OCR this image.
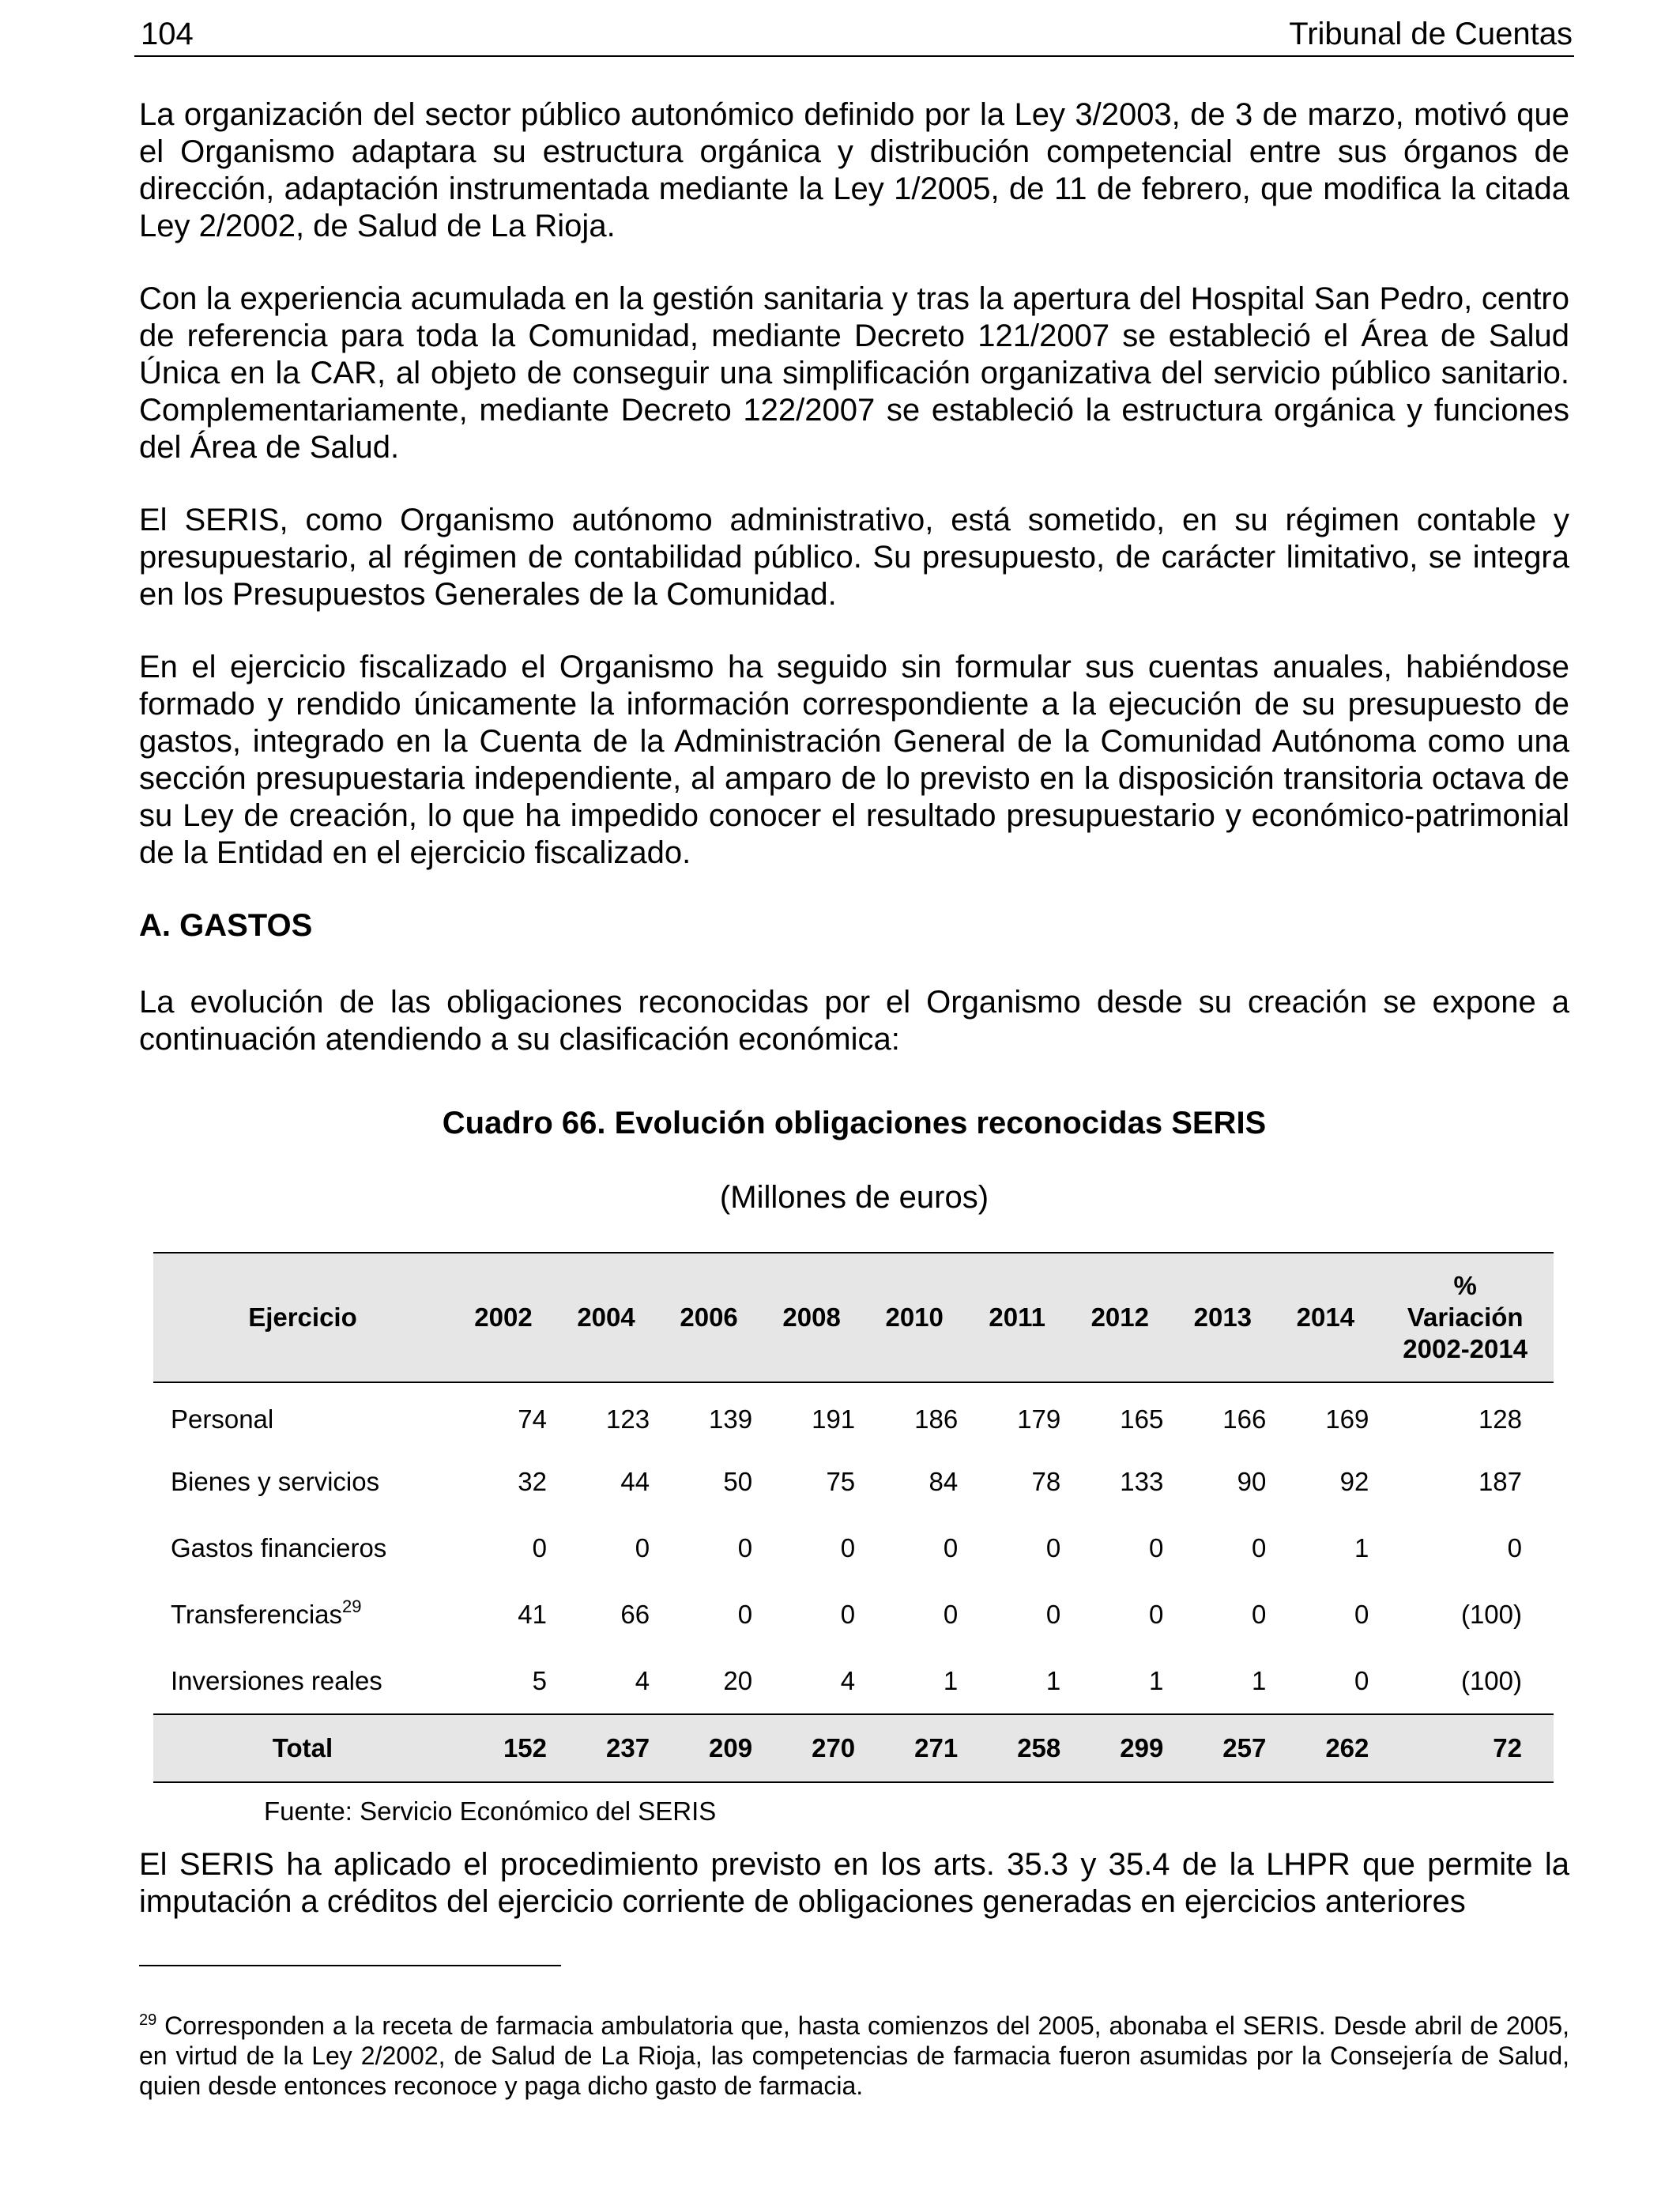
104	Tribunal de Cuentas

La organización del sector público autonómico definido por la Ley 3/2003, de 3 de marzo, motivó que el Organismo adaptara su estructura orgánica y distribución competencial entre sus órganos de dirección, adaptación instrumentada mediante la Ley 1/2005, de 11 de febrero, que modifica la citada Ley 2/2002, de Salud de La Rioja.

Con la experiencia acumulada en la gestión sanitaria y tras la apertura del Hospital San Pedro, centro de referencia para toda la Comunidad, mediante Decreto 121/2007 se estableció el Área de Salud Única en la CAR, al objeto de conseguir una simplificación organizativa del servicio público sanitario. Complementariamente, mediante Decreto 122/2007 se estableció la estructura orgánica y funciones del Área de Salud.

El SERIS, como Organismo autónomo administrativo, está sometido, en su régimen contable y presupuestario, al régimen de contabilidad público. Su presupuesto, de carácter limitativo, se integra en los Presupuestos Generales de la Comunidad.

En el ejercicio fiscalizado el Organismo ha seguido sin formular sus cuentas anuales, habiéndose formado y rendido únicamente la información correspondiente a la ejecución de su presupuesto de gastos, integrado en la Cuenta de la Administración General de la Comunidad Autónoma como una sección presupuestaria independiente, al amparo de lo previsto en la disposición transitoria octava de su Ley de creación, lo que ha impedido conocer el resultado presupuestario y económico-patrimonial de la Entidad en el ejercicio fiscalizado.

A. GASTOS

La evolución de las obligaciones reconocidas por el Organismo desde su creación se expone a continuación atendiendo a su clasificación económica:

Cuadro 66. Evolución obligaciones reconocidas SERIS
(Millones de euros)
Ejercicio	2002	2004	2006	2008	2010	2011	2012	2013	2014	%
Variación
2002-2014

Personal	74	123	139	191	186	179	165	166	169	128
Bienes y servicios	32	44	50	75	84	78	133	90	92	187
Gastos financieros	0	0	0	0	0	0	0	0	1	0
Transferencias$^{29}$	41	66	0	0	0	0	0	0	0	(100)
Inversiones reales	5	4	20	4	1	1	1	1	0	(100)
Total	152	237	209	270	271	258	299	257	262	72
Fuente: Servicio Económico del SERIS

El SERIS ha aplicado el procedimiento previsto en los arts. 35.3 y 35.4 de la LHPR que permite la imputación a créditos del ejercicio corriente de obligaciones generadas en ejercicios anteriores

$^{29}$ Corresponden a la receta de farmacia ambulatoria que, hasta comienzos del 2005, abonaba el SERIS. Desde abril de 2005, en virtud de la Ley 2/2002, de Salud de La Rioja, las competencias de farmacia fueron asumidas por la Consejería de Salud, quien desde entonces reconoce y paga dicho gasto de farmacia.
